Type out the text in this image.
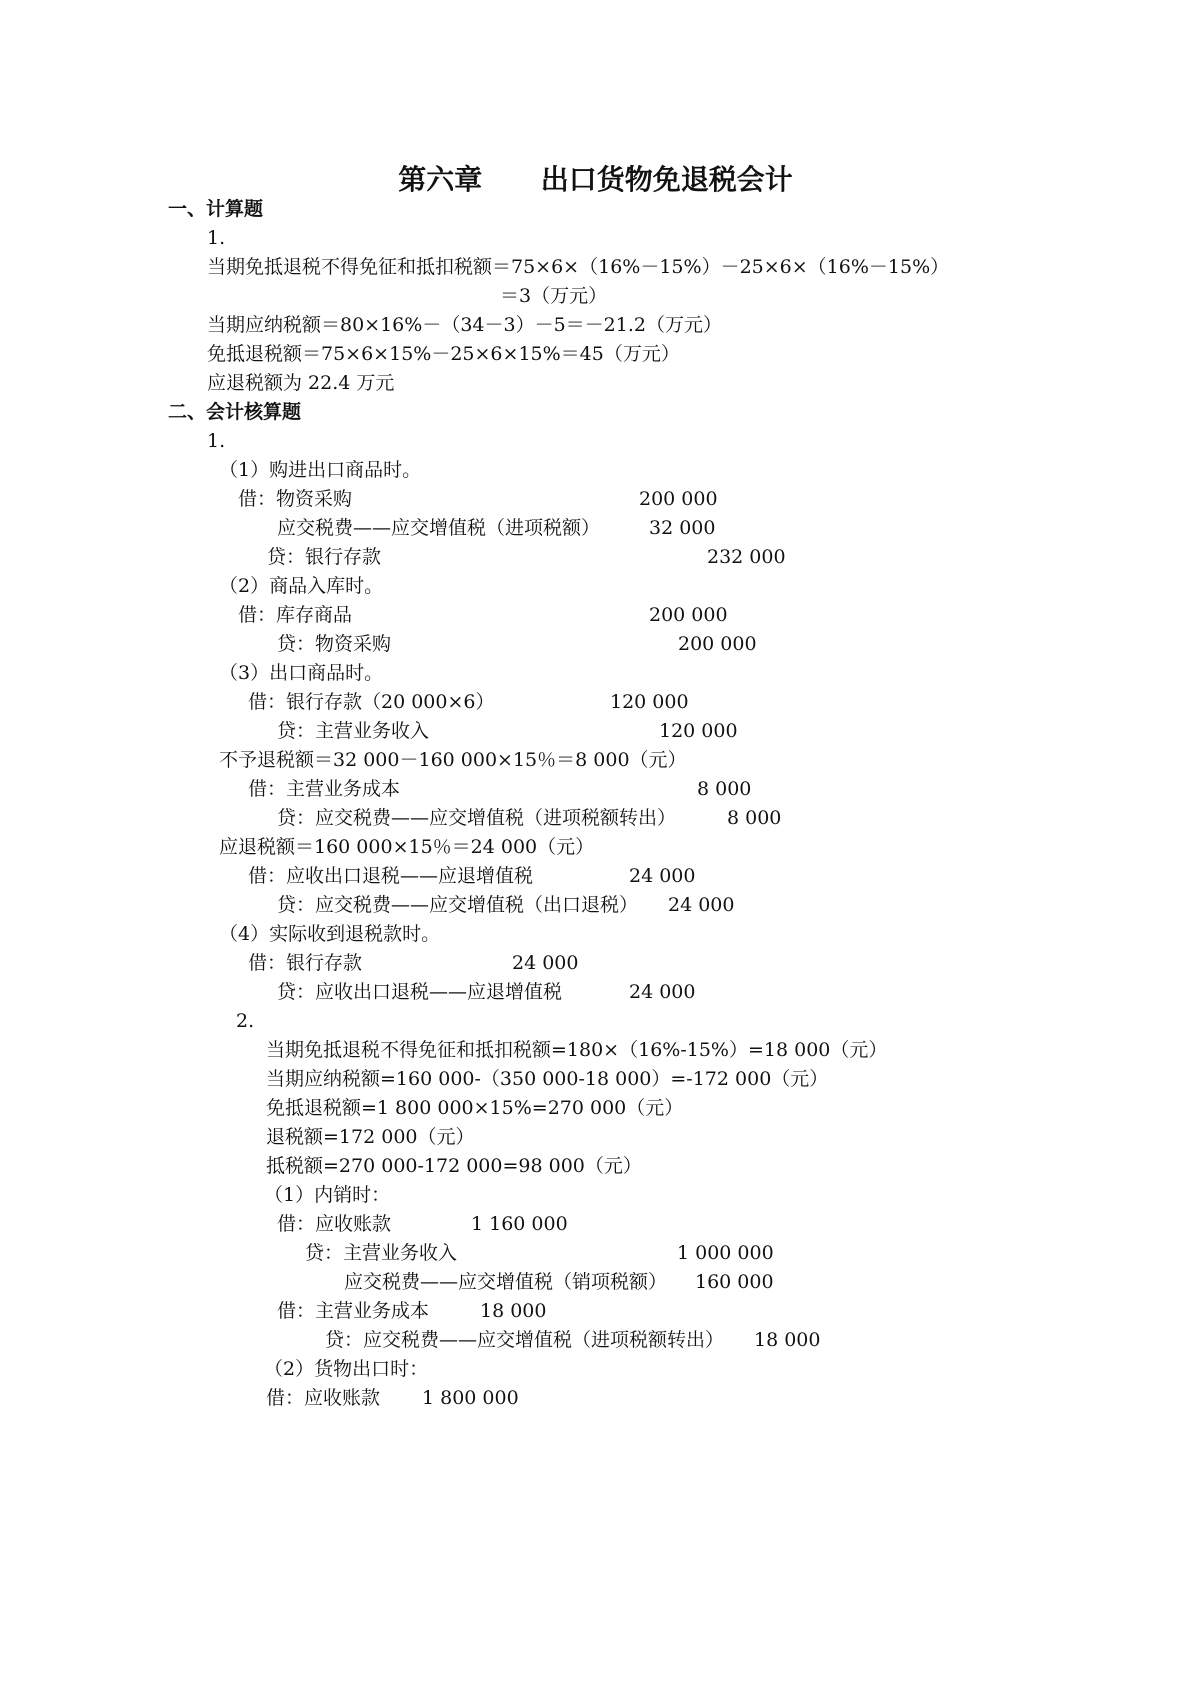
第六章      出口货物免退税会计
一、计算题
1.
当期免抵退税不得免征和抵扣税额＝75×6×（16%－15%）－25×6×（16%－15%）
＝3（万元）
当期应纳税额＝80×16%－（34－3）－5＝－21.2（万元）
免抵退税额＝75×6×15%－25×6×15%＝45（万元）
应退税额为 22.4 万元
二、会计核算题
1.
（1）购进出口商品时。
借：物资采购	200 000
应交税费——应交增值税（进项税额）	32 000
贷：银行存款	232 000
（2）商品入库时。
借：库存商品	200 000
贷：物资采购	200 000
（3）出口商品时。
借：银行存款（20 000×6）	120 000
贷：主营业务收入	120 000
不予退税额＝32 000－160 000×15％＝8 000（元）
借：主营业务成本	8 000
贷：应交税费——应交增值税（进项税额转出）	8 000
应退税额＝160 000×15％＝24 000（元）
借：应收出口退税——应退增值税	24 000
贷：应交税费——应交增值税（出口退税） 24 000
（4）实际收到退税款时。
借：银行存款	24 000
贷：应收出口退税——应退增值税	24 000
2.
当期免抵退税不得免征和抵扣税额=180×（16%-15%）=18 000（元）
当期应纳税额=160 000-（350 000-18 000）=-172 000（元）
免抵退税额=1 800 000×15%=270 000（元）
退税额=172 000（元）
抵税额=270 000-172 000=98 000（元）
（1）内销时：
借：应收账款	1 160 000
贷：主营业务收入	1 000 000
应交税费——应交增值税（销项税额） 160 000
借：主营业务成本	18 000
贷：应交税费——应交增值税（进项税额转出） 18 000
（2）货物出口时：
借：应收账款 1 800 000
